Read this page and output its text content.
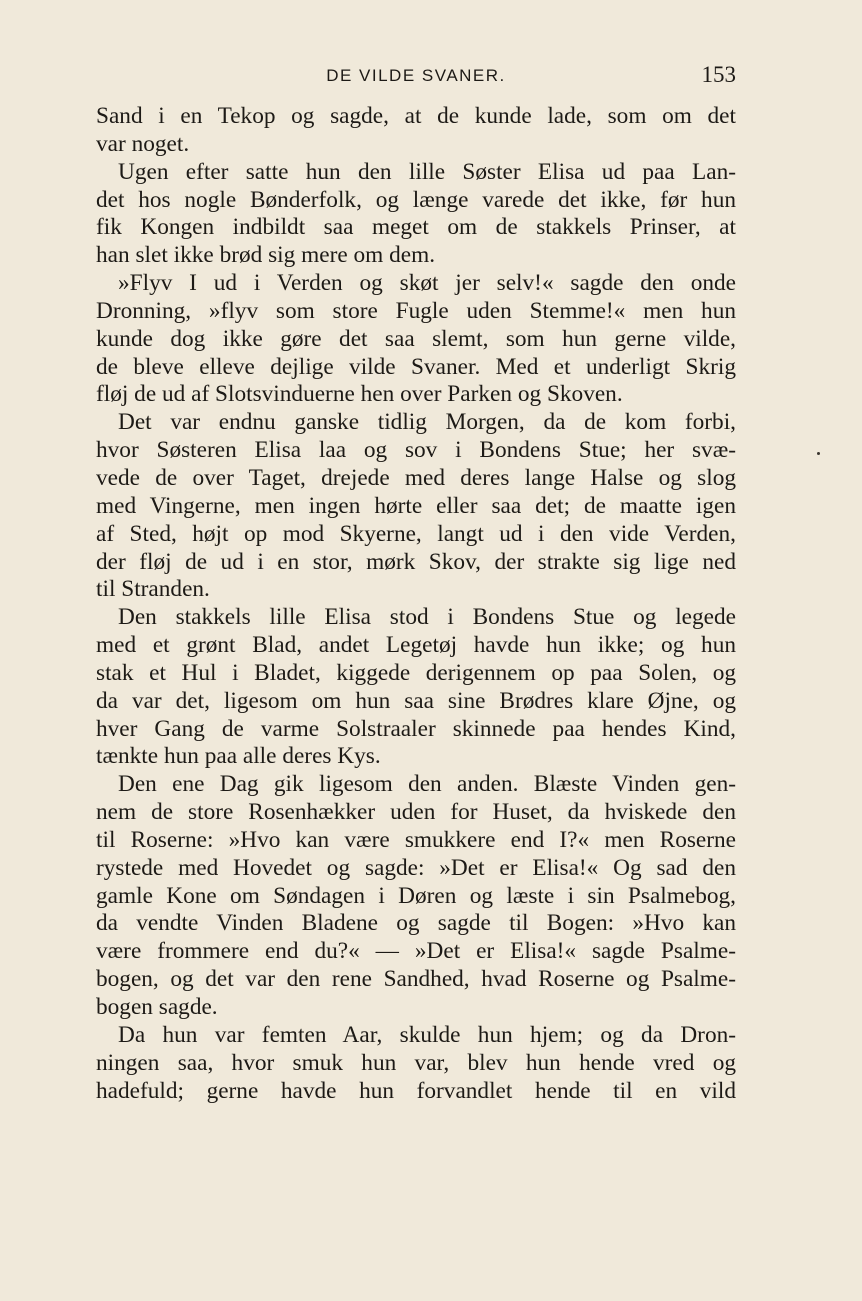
DE VILDE SVANER.	153
Sand i en Tekop og sagde, at de kunde lade, som om det
var noget.
Ugen efter satte hun den lille Søster Elisa ud paa Lan-
det hos nogle Bønderfolk, og længe varede det ikke, før hun
fik Kongen indbildt saa meget om de stakkels Prinser, at
han slet ikke brød sig mere om dem.
»Flyv I ud i Verden og skøt jer selv!« sagde den onde
Dronning, »flyv som store Fugle uden Stemme!« men hun
kunde dog ikke gøre det saa slemt, som hun gerne vilde,
de bleve elleve dejlige vilde Svaner. Med et underligt Skrig
fløj de ud af Slotsvinduerne hen over Parken og Skoven.
Det var endnu ganske tidlig Morgen, da de kom forbi,
hvor Søsteren Elisa laa og sov i Bondens Stue; her svæ-
vede de over Taget, drejede med deres lange Halse og slog
med Vingerne, men ingen hørte eller saa det; de maatte igen
af Sted, højt op mod Skyerne, langt ud i den vide Verden,
der fløj de ud i en stor, mørk Skov, der strakte sig lige ned
til Stranden.
Den stakkels lille Elisa stod i Bondens Stue og legede
med et grønt Blad, andet Legetøj havde hun ikke; og hun
stak et Hul i Bladet, kiggede derigennem op paa Solen, og
da var det, ligesom om hun saa sine Brødres klare Øjne, og
hver Gang de varme Solstraaler skinnede paa hendes Kind,
tænkte hun paa alle deres Kys.
Den ene Dag gik ligesom den anden. Blæste Vinden gen-
nem de store Rosenhækker uden for Huset, da hviskede den
til Roserne: »Hvo kan være smukkere end I?« men Roserne
rystede med Hovedet og sagde: »Det er Elisa!« Og sad den
gamle Kone om Søndagen i Døren og læste i sin Psalmebog,
da vendte Vinden Bladene og sagde til Bogen: »Hvo kan
være frommere end du?« — »Det er Elisa!« sagde Psalme-
bogen, og det var den rene Sandhed, hvad Roserne og Psalme-
bogen sagde.
Da hun var femten Aar, skulde hun hjem; og da Dron-
ningen saa, hvor smuk hun var, blev hun hende vred og
hadefuld; gerne havde hun forvandlet hende til en vild
